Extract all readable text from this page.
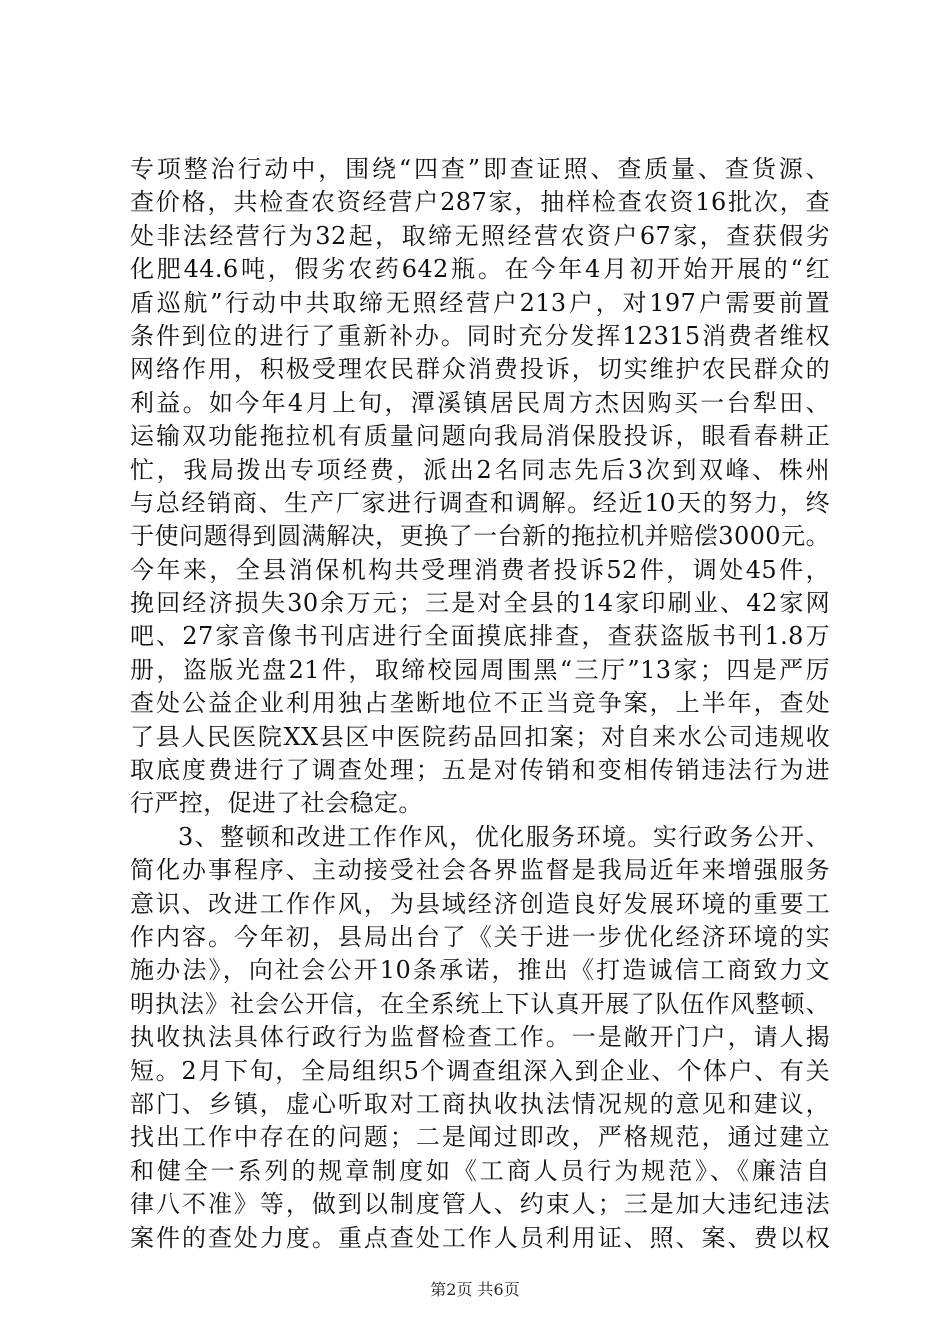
专项整治行动中，围绕“四查”即查证照、查质量、查货源、
查价格，共检查农资经营户287家，抽样检查农资16批次，查
处非法经营行为32起，取缔无照经营农资户67家，查获假劣
化肥44.6吨，假劣农药642瓶。在今年4月初开始开展的“红
盾巡航”行动中共取缔无照经营户213户，对197户需要前置
条件到位的进行了重新补办。同时充分发挥12315消费者维权
网络作用，积极受理农民群众消费投诉，切实维护农民群众的
利益。如今年4月上旬，潭溪镇居民周方杰因购买一台犁田、
运输双功能拖拉机有质量问题向我局消保股投诉，眼看春耕正
忙，我局拨出专项经费，派出2名同志先后3次到双峰、株州
与总经销商、生产厂家进行调查和调解。经近10天的努力，终
于使问题得到圆满解决，更换了一台新的拖拉机并赔偿3000元。
今年来，全县消保机构共受理消费者投诉52件，调处45件，
挽回经济损失30余万元；三是对全县的14家印刷业、42家网
吧、27家音像书刊店进行全面摸底排查，查获盗版书刊1.8万
册，盗版光盘21件，取缔校园周围黑“三厅”13家；四是严厉
查处公益企业利用独占垄断地位不正当竞争案，上半年，查处
了县人民医院XX县区中医院药品回扣案；对自来水公司违规收
取底度费进行了调查处理；五是对传销和变相传销违法行为进
行严控，促进了社会稳定。
3、整顿和改进工作作风，优化服务环境。实行政务公开、
简化办事程序、主动接受社会各界监督是我局近年来增强服务
意识、改进工作作风，为县域经济创造良好发展环境的重要工
作内容。今年初，县局出台了《关于进一步优化经济环境的实
施办法》，向社会公开10条承诺，推出《打造诚信工商致力文
明执法》社会公开信，在全系统上下认真开展了队伍作风整顿、
执收执法具体行政行为监督检查工作。一是敞开门户，请人揭
短。2月下旬，全局组织5个调查组深入到企业、个体户、有关
部门、乡镇，虚心听取对工商执收执法情况规的意见和建议，
找出工作中存在的问题；二是闻过即改，严格规范，通过建立
和健全一系列的规章制度如《工商人员行为规范》、《廉洁自
律八不准》等，做到以制度管人、约束人；三是加大违纪违法
案件的查处力度。重点查处工作人员利用证、照、案、费以权
第2页 共6页
